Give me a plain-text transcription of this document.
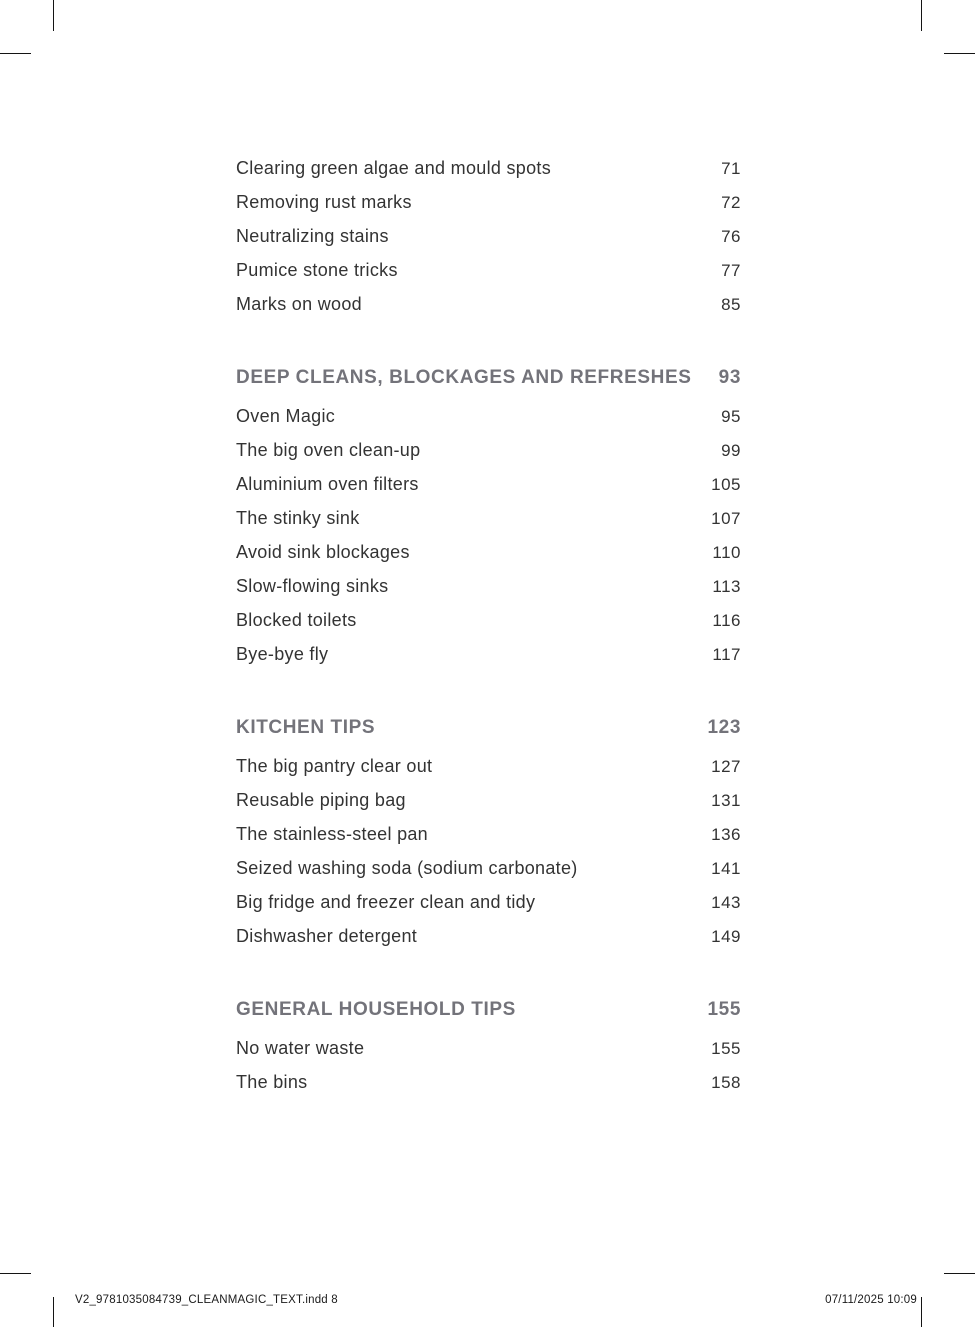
Clearing green algae and mould spots	71
Removing rust marks	72
Neutralizing stains	76
Pumice stone tricks	77
Marks on wood	85
DEEP CLEANS, BLOCKAGES AND REFRESHES 93
Oven Magic	95
The big oven clean-up	99
Aluminium oven filters	105
The stinky sink	107
Avoid sink blockages	110
Slow-flowing sinks	113
Blocked toilets	116
Bye-bye fly	117
KITCHEN TIPS	123
The big pantry clear out	127
Reusable piping bag	131
The stainless-steel pan	136
Seized washing soda (sodium carbonate)	141
Big fridge and freezer clean and tidy	143
Dishwasher detergent	149
GENERAL HOUSEHOLD TIPS	155
No water waste	155
The bins	158
V2_9781035084739_CLEANMAGIC_TEXT.indd 8	07/11/2025 10:09
